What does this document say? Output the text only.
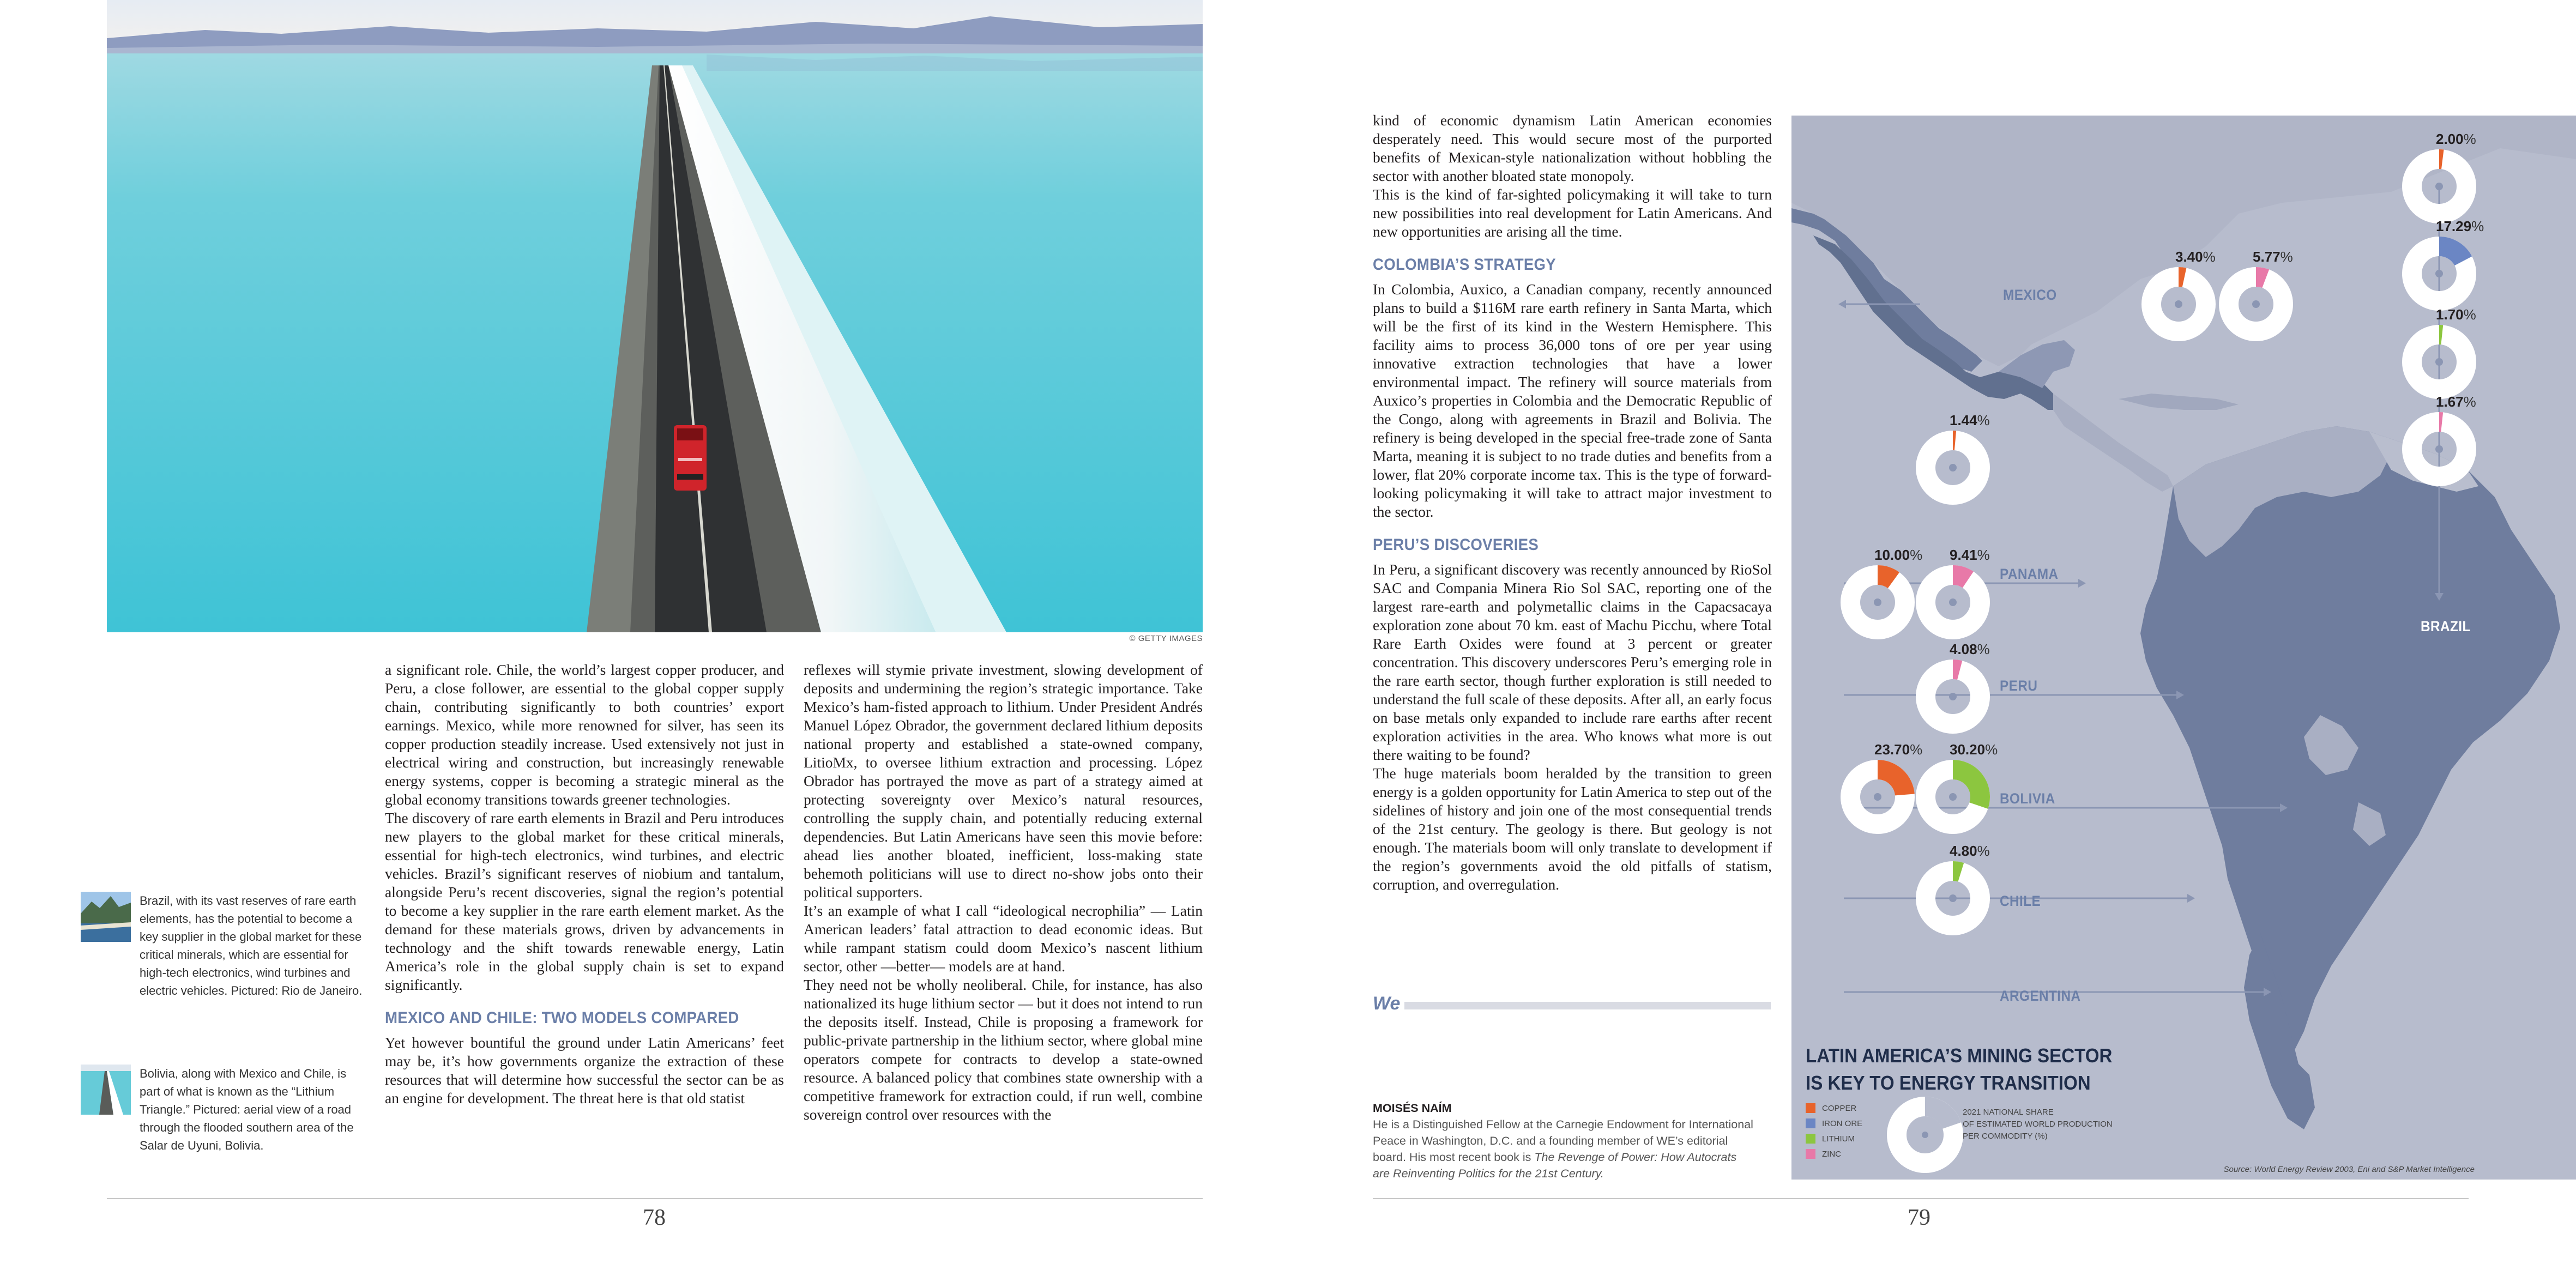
© GETTY IMAGES

a significant role. Chile, the world’s largest copper producer, and Peru, a close follower, are essential to the global copper supply chain, contributing significantly to both countries’ export earnings. Mexico, while more renowned for silver, has seen its copper production steadily increase. Used extensively not just in electrical wiring and construction, but increasingly renewable energy systems, copper is becoming a strategic mineral as the global economy transitions towards greener technologies.

The discovery of rare earth elements in Brazil and Peru introduces new players to the global market for these critical minerals, essential for high-tech electronics, wind turbines, and electric vehicles. Brazil’s significant reserves of niobium and tantalum, alongside Peru’s recent discoveries, signal the region’s potential to become a key supplier in the rare earth element market. As the demand for these materials grows, driven by advancements in technology and the shift towards renewable energy, Latin America’s role in the global supply chain is set to expand significantly.

MEXICO AND CHILE: TWO MODELS COMPARED

Yet however bountiful the ground under Latin Americans’ feet may be, it’s how governments organize the extraction of these resources that will determine how successful the sector can be as an engine for development. The threat here is that old statist

reflexes will stymie private investment, slowing development of deposits and undermining the region’s strategic importance. Take Mexico’s ham-fisted approach to lithium. Under President Andrés Manuel López Obrador, the government declared lithium deposits national property and established a state-owned company, LitioMx, to oversee lithium extraction and processing. López Obrador has portrayed the move as part of a strategy aimed at protecting sovereignty over Mexico’s natural resources, controlling the supply chain, and potentially reducing external dependencies. But Latin Americans have seen this movie before: ahead lies another bloated, inefficient, loss-making state behemoth politicians will use to direct no-show jobs onto their political supporters.

It’s an example of what I call “ideological necrophilia” — Latin American leaders’ fatal attraction to dead economic ideas. But while rampant statism could doom Mexico’s nascent lithium sector, other —better— models are at hand.

They need not be wholly neoliberal. Chile, for instance, has also nationalized its huge lithium sector — but it does not intend to run the deposits itself. Instead, Chile is proposing a framework for public-private partnership in the lithium sector, where global mine operators compete for contracts to develop a state-owned resource. A balanced policy that combines state ownership with a competitive framework for extraction could, if run well, combine sovereign control over resources with the

Brazil, with its vast reserves of rare earth elements, has the potential to become a key supplier in the global market for these critical minerals, which are essential for high-tech electronics, wind turbines and electric vehicles. Pictured: Rio de Janeiro.
Bolivia, along with Mexico and Chile, is part of what is known as the “Lithium Triangle.” Pictured: aerial view of a road through the flooded southern area of the Salar de Uyuni, Bolivia.
78

kind of economic dynamism Latin American economies desperately need. This would secure most of the purported benefits of Mexican-style nationalization without hobbling the sector with another bloated state monopoly.

This is the kind of far-sighted policymaking it will take to turn new possibilities into real development for Latin Americans. And new opportunities are arising all the time.

COLOMBIA’S STRATEGY

In Colombia, Auxico, a Canadian company, recently announced plans to build a $116M rare earth refinery in Santa Marta, which will be the first of its kind in the Western Hemisphere. This facility aims to process 36,000 tons of ore per year using innovative extraction technologies that have a lower environmental impact. The refinery will source materials from Auxico’s properties in Colombia and the Democratic Republic of the Congo, along with agreements in Brazil and Bolivia. The refinery is being developed in the special free-trade zone of Santa Marta, meaning it is subject to no trade duties and benefits from a lower, flat 20% corporate income tax. This is the type of forward-looking policymaking it will take to attract major investment to the sector.

PERU’S DISCOVERIES

In Peru, a significant discovery was recently announced by RioSol SAC and Compania Minera Rio Sol SAC, reporting one of the largest rare-earth and polymetallic claims in the Capacsacaya exploration zone about 70 km. east of Machu Picchu, where Total Rare Earth Oxides were found at 3 percent or greater concentration. This discovery underscores Peru’s emerging role in the rare earth sector, though further exploration is still needed to understand the full scale of these deposits. After all, an early focus on base metals only expanded to include rare earths after recent exploration activities in the area. Who knows what more is out there waiting to be found?

The huge materials boom heralded by the transition to green energy is a golden opportunity for Latin America to step out of the sidelines of history and join one of the most consequential trends of the 21st century. The geology is there. But geology is not enough. The materials boom will only translate to development if the region’s governments avoid the old pitfalls of statism, corruption, and overregulation.

We
MOISÉS NAÍM
He is a Distinguished Fellow at the Carnegie Endowment for International Peace in Washington, D.C. and a founding member of WE’s editorial board. His most recent book is The Revenge of Power: How Autocrats are Reinventing Politics for the 21st Century.
79
MEXICO
PANAMA
PERU
BOLIVIA
CHILE
ARGENTINA
BRAZIL
2.00%
17.29%
1.70%
1.67%
3.40%	5.77%
1.44%
10.00% 9.41%
4.08%
23.70% 30.20%
4.80%
LATIN AMERICA’S MINING SECTOR
IS KEY TO ENERGY TRANSITION
COPPER
IRON ORE
LITHIUM
ZINC
2021 NATIONAL SHARE
OF ESTIMATED WORLD PRODUCTION
PER COMMODITY (%)
Source: World Energy Review 2003, Eni and S&P Market Intelligence
